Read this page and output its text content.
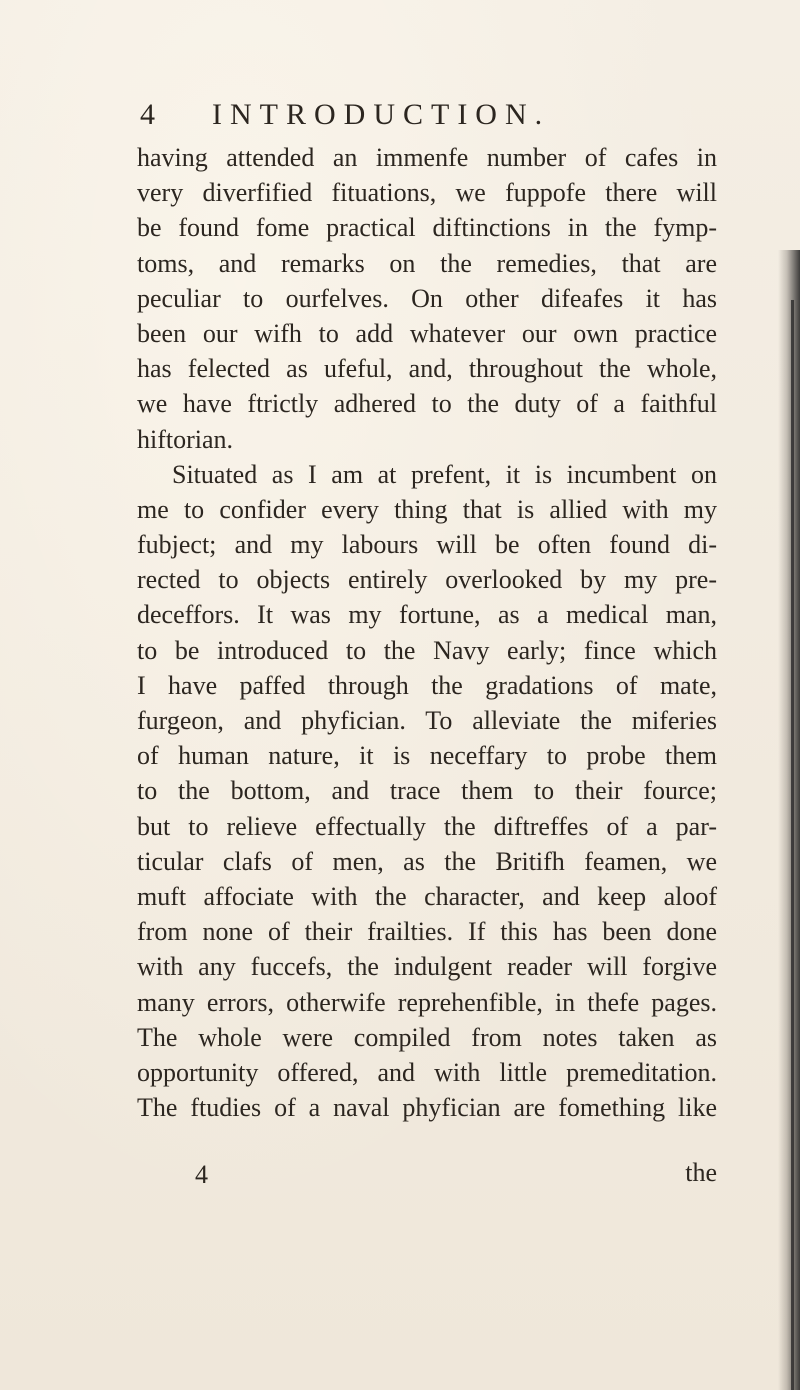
4 INTRODUCTION.
having attended an immenfe number of cafes in
very diverfified fituations, we fuppofe there will
be found fome practical diftinctions in the fymp-
toms, and remarks on the remedies, that are
peculiar to ourfelves. On other difeafes it has
been our wifh to add whatever our own practice
has felected as ufeful, and, throughout the whole,
we have ftrictly adhered to the duty of a faithful
hiftorian.
Situated as I am at prefent, it is incumbent on
me to confider every thing that is allied with my
fubject; and my labours will be often found di-
rected to objects entirely overlooked by my pre-
deceffors. It was my fortune, as a medical man,
to be introduced to the Navy early; fince which
I have paffed through the gradations of mate,
furgeon, and phyfician. To alleviate the miferies
of human nature, it is neceffary to probe them
to the bottom, and trace them to their fource;
but to relieve effectually the diftreffes of a par-
ticular clafs of men, as the Britifh feamen, we
muft affociate with the character, and keep aloof
from none of their frailties. If this has been done
with any fuccefs, the indulgent reader will forgive
many errors, otherwife reprehenfible, in thefe pages.
The whole were compiled from notes taken as
opportunity offered, and with little premeditation.
The ftudies of a naval phyfician are fomething like
4	the
